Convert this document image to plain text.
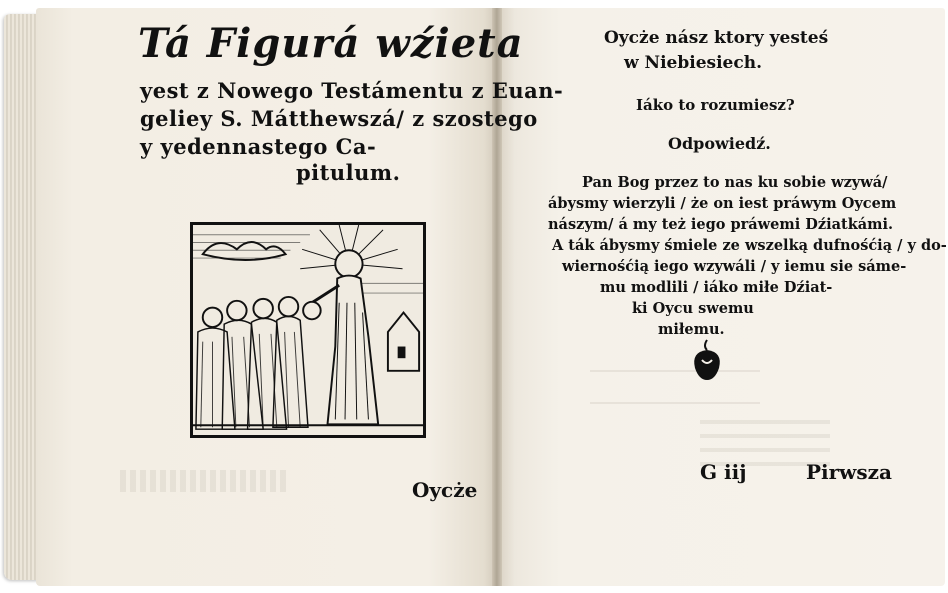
Tá Figurá wźieta
yest z Nowego Testámentu z Euan-
geliey S. Mátthewszá/ z szostego
y yedennastego Ca-
pitulum.
Oycże
Oycże nász ktory yesteś
w Niebiesiech.
Iáko to rozumiesz?
Odpowiedź.
Pan Bog przez to nas ku sobie wzywá/
ábysmy wierzyli / że on iest práwym Oycem
nászym/ á my też iego práwemi Dźiatkámi.
A ták ábysmy śmiele ze wszelką dufnośćią / y do-
wiernośćią iego wzywáli / y iemu sie sáme-
mu modlili / iáko miłe Dźiat-
ki Oycu swemu
miłemu.
G iij	Pirwsza
